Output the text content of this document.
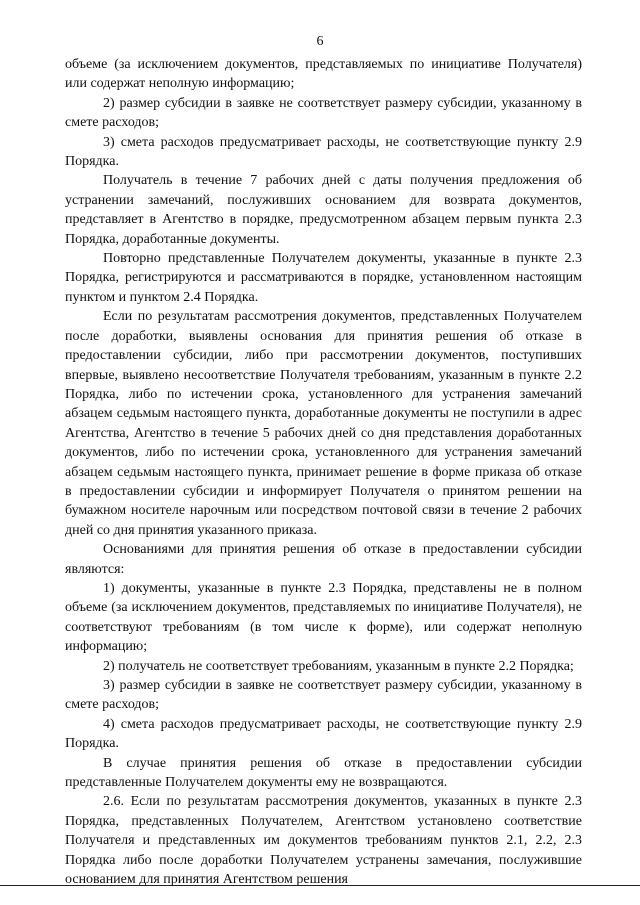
6

объеме (за исключением документов, представляемых по инициативе Получателя) или содержат неполную информацию;

2) размер субсидии в заявке не соответствует размеру субсидии, указанному в смете расходов;

3) смета расходов предусматривает расходы, не соответствующие пункту 2.9 Порядка.

Получатель в течение 7 рабочих дней с даты получения предложения об устранении замечаний, послуживших основанием для возврата документов, представляет в Агентство в порядке, предусмотренном абзацем первым пункта 2.3 Порядка, доработанные документы.

Повторно представленные Получателем документы, указанные в пункте 2.3 Порядка, регистрируются и рассматриваются в порядке, установленном настоящим пунктом и пунктом 2.4 Порядка.

Если по результатам рассмотрения документов, представленных Получателем после доработки, выявлены основания для принятия решения об отказе в предоставлении субсидии, либо при рассмотрении документов, поступивших впервые, выявлено несоответствие Получателя требованиям, указанным в пункте 2.2 Порядка, либо по истечении срока, установленного для устранения замечаний абзацем седьмым настоящего пункта, доработанные документы не поступили в адрес Агентства, Агентство в течение 5 рабочих дней со дня представления доработанных документов, либо по истечении срока, установленного для устранения замечаний абзацем седьмым настоящего пункта, принимает решение в форме приказа об отказе в предоставлении субсидии и информирует Получателя о принятом решении на бумажном носителе нарочным или посредством почтовой связи в течение 2 рабочих дней со дня принятия указанного приказа.

Основаниями для принятия решения об отказе в предоставлении субсидии являются:

1) документы, указанные в пункте 2.3 Порядка, представлены не в полном объеме (за исключением документов, представляемых по инициативе Получателя), не соответствуют требованиям (в том числе к форме), или содержат неполную информацию;

2) получатель не соответствует требованиям, указанным в пункте 2.2 Порядка;

3) размер субсидии в заявке не соответствует размеру субсидии, указанному в смете расходов;

4) смета расходов предусматривает расходы, не соответствующие пункту 2.9 Порядка.

В случае принятия решения об отказе в предоставлении субсидии представленные Получателем документы ему не возвращаются.

2.6. Если по результатам рассмотрения документов, указанных в пункте 2.3 Порядка, представленных Получателем, Агентством установлено соответствие Получателя и представленных им документов требованиям пунктов 2.1, 2.2, 2.3 Порядка либо после доработки Получателем устранены замечания, послужившие основанием для принятия Агентством решения
